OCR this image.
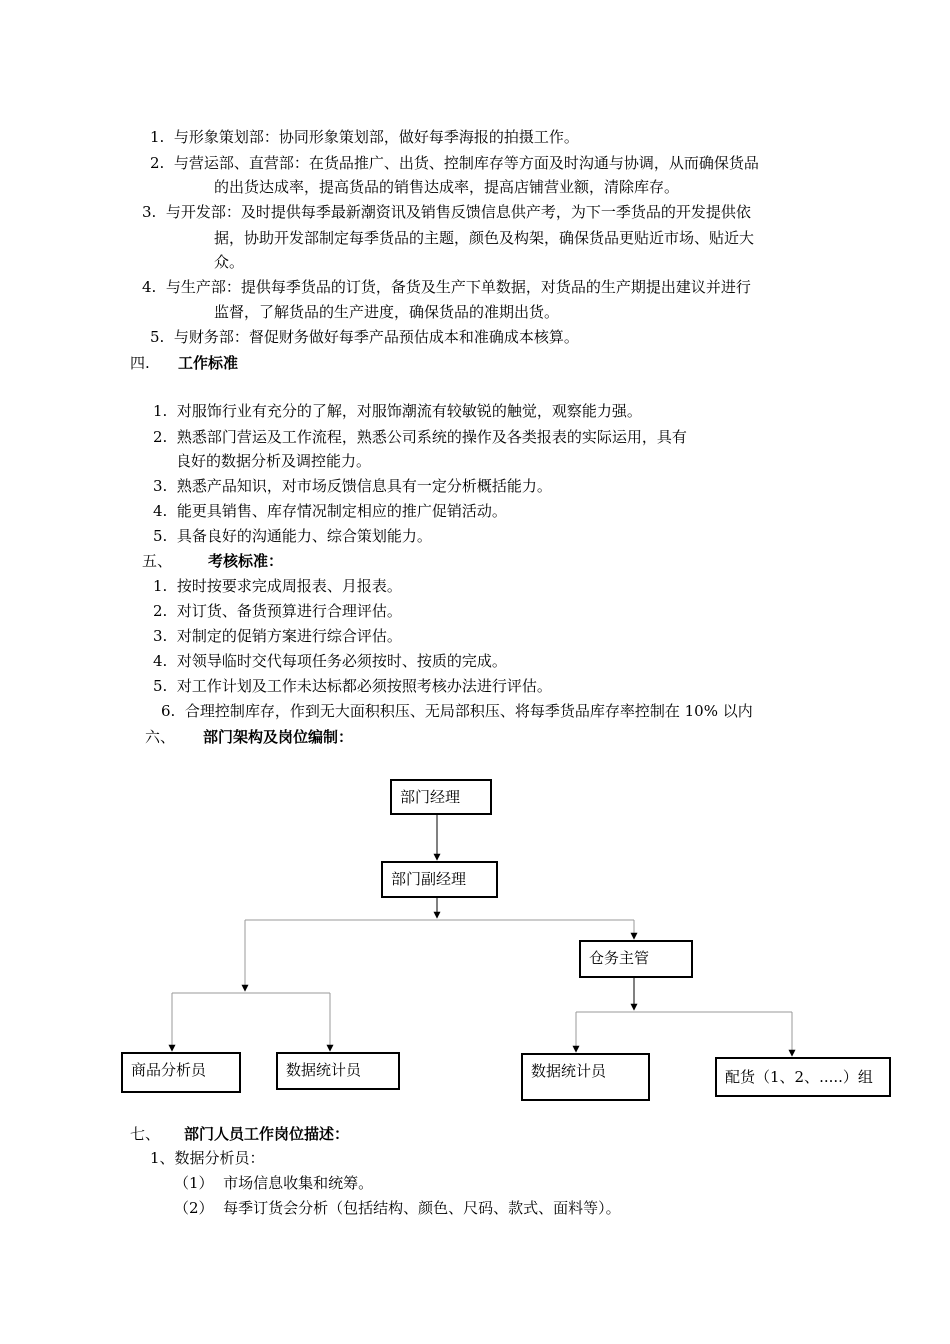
1. 与形象策划部：协同形象策划部，做好每季海报的拍摄工作。
2. 与营运部、直营部：在货品推广、出货、控制库存等方面及时沟通与协调，从而确保货品
的出货达成率，提高货品的销售达成率，提高店铺营业额，清除库存。
3. 与开发部：及时提供每季最新潮资讯及销售反馈信息供产考，为下一季货品的开发提供依
据，协助开发部制定每季货品的主题，颜色及构架，确保货品更贴近市场、贴近大
众。
4. 与生产部：提供每季货品的订货，备货及生产下单数据，对货品的生产期提出建议并进行
监督，了解货品的生产进度，确保货品的准期出货。
5. 与财务部：督促财务做好每季产品预估成本和准确成本核算。
四. 工作标准
1. 对服饰行业有充分的了解，对服饰潮流有较敏锐的触觉，观察能力强。
2. 熟悉部门营运及工作流程，熟悉公司系统的操作及各类报表的实际运用，具有
良好的数据分析及调控能力。
3. 熟悉产品知识，对市场反馈信息具有一定分析概括能力。
4. 能更具销售、库存情况制定相应的推广促销活动。
5. 具备良好的沟通能力、综合策划能力。
五、 考核标准：
1. 按时按要求完成周报表、月报表。
2. 对订货、备货预算进行合理评估。
3. 对制定的促销方案进行综合评估。
4. 对领导临时交代每项任务必须按时、按质的完成。
5. 对工作计划及工作未达标都必须按照考核办法进行评估。
6. 合理控制库存，作到无大面积积压、无局部积压、将每季货品库存率控制在 10% 以内
六、 部门架构及岗位编制：
部门经理
部门副经理
仓务主管
商品分析员	数据统计员	数据统计员	配货（1、2、.....）组
七、 部门人员工作岗位描述：
1、数据分析员：
（1） 市场信息收集和统筹。
（2） 每季订货会分析（包括结构、颜色、尺码、款式、面料等）。
